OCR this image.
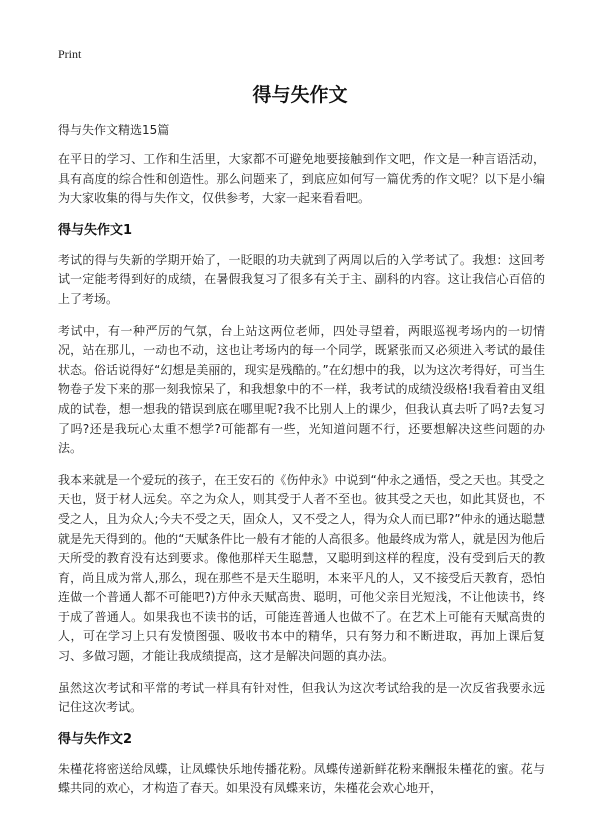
Print
得与失作文
得与失作文精选15篇

在平日的学习、工作和生活里，大家都不可避免地要接触到作文吧，作文是一种言语活动，具有高度的综合性和创造性。那么问题来了，到底应如何写一篇优秀的作文呢？以下是小编为大家收集的得与失作文，仅供参考，大家一起来看看吧。

得与失作文1

考试的得与失新的学期开始了，一眨眼的功夫就到了两周以后的入学考试了。我想：这回考试一定能考得到好的成绩，在暑假我复习了很多有关于主、副科的内容。这让我信心百倍的上了考场。

考试中，有一种严厉的气氛，台上站这两位老师，四处寻望着，两眼巡视考场内的一切情况，站在那儿，一动也不动，这也让考场内的每一个同学，既紧张而又必须进入考试的最佳状态。俗话说得好“幻想是美丽的，现实是残酷的。”在幻想中的我，以为这次考得好，可当生物卷子发下来的那一刻我惊呆了，和我想象中的不一样，我考试的成绩没级格!我看着由叉组成的试卷，想一想我的错误到底在哪里呢?我不比别人上的课少，但我认真去听了吗?去复习了吗?还是我玩心太重不想学?可能都有一些，光知道问题不行，还要想解决这些问题的办法。

我本来就是一个爱玩的孩子，在王安石的《伤仲永》中说到“仲永之通悟，受之天也。其受之天也，贤于材人远矣。卒之为众人，则其受于人者不至也。彼其受之天也，如此其贤也，不受之人，且为众人;今夫不受之天，固众人，又不受之人，得为众人而已耶?”仲永的通达聪慧就是先天得到的。他的“天赋条件比一般有才能的人高很多。他最终成为常人，就是因为他后天所受的教育没有达到要求。像他那样天生聪慧，又聪明到这样的程度，没有受到后天的教育，尚且成为常人,那么，现在那些不是天生聪明，本来平凡的人，又不接受后天教育，恐怕连做一个普通人都不可能吧?)方仲永天赋高贵、聪明，可他父亲目光短浅，不让他读书，终于成了普通人。如果我也不读书的话，可能连普通人也做不了。在艺术上可能有天赋高贵的人，可在学习上只有发愤图强、吸收书本中的精华，只有努力和不断进取，再加上课后复习、多做习题，才能让我成绩提高，这才是解决问题的真办法。

虽然这次考试和平常的考试一样具有针对性，但我认为这次考试给我的是一次反省我要永远记住这次考试。

得与失作文2

朱槿花将密送给凤蝶，让凤蝶快乐地传播花粉。凤蝶传递新鲜花粉来酬报朱槿花的蜜。花与蝶共同的欢心，才构造了春天。如果没有凤蝶来访，朱槿花会欢心地开，
